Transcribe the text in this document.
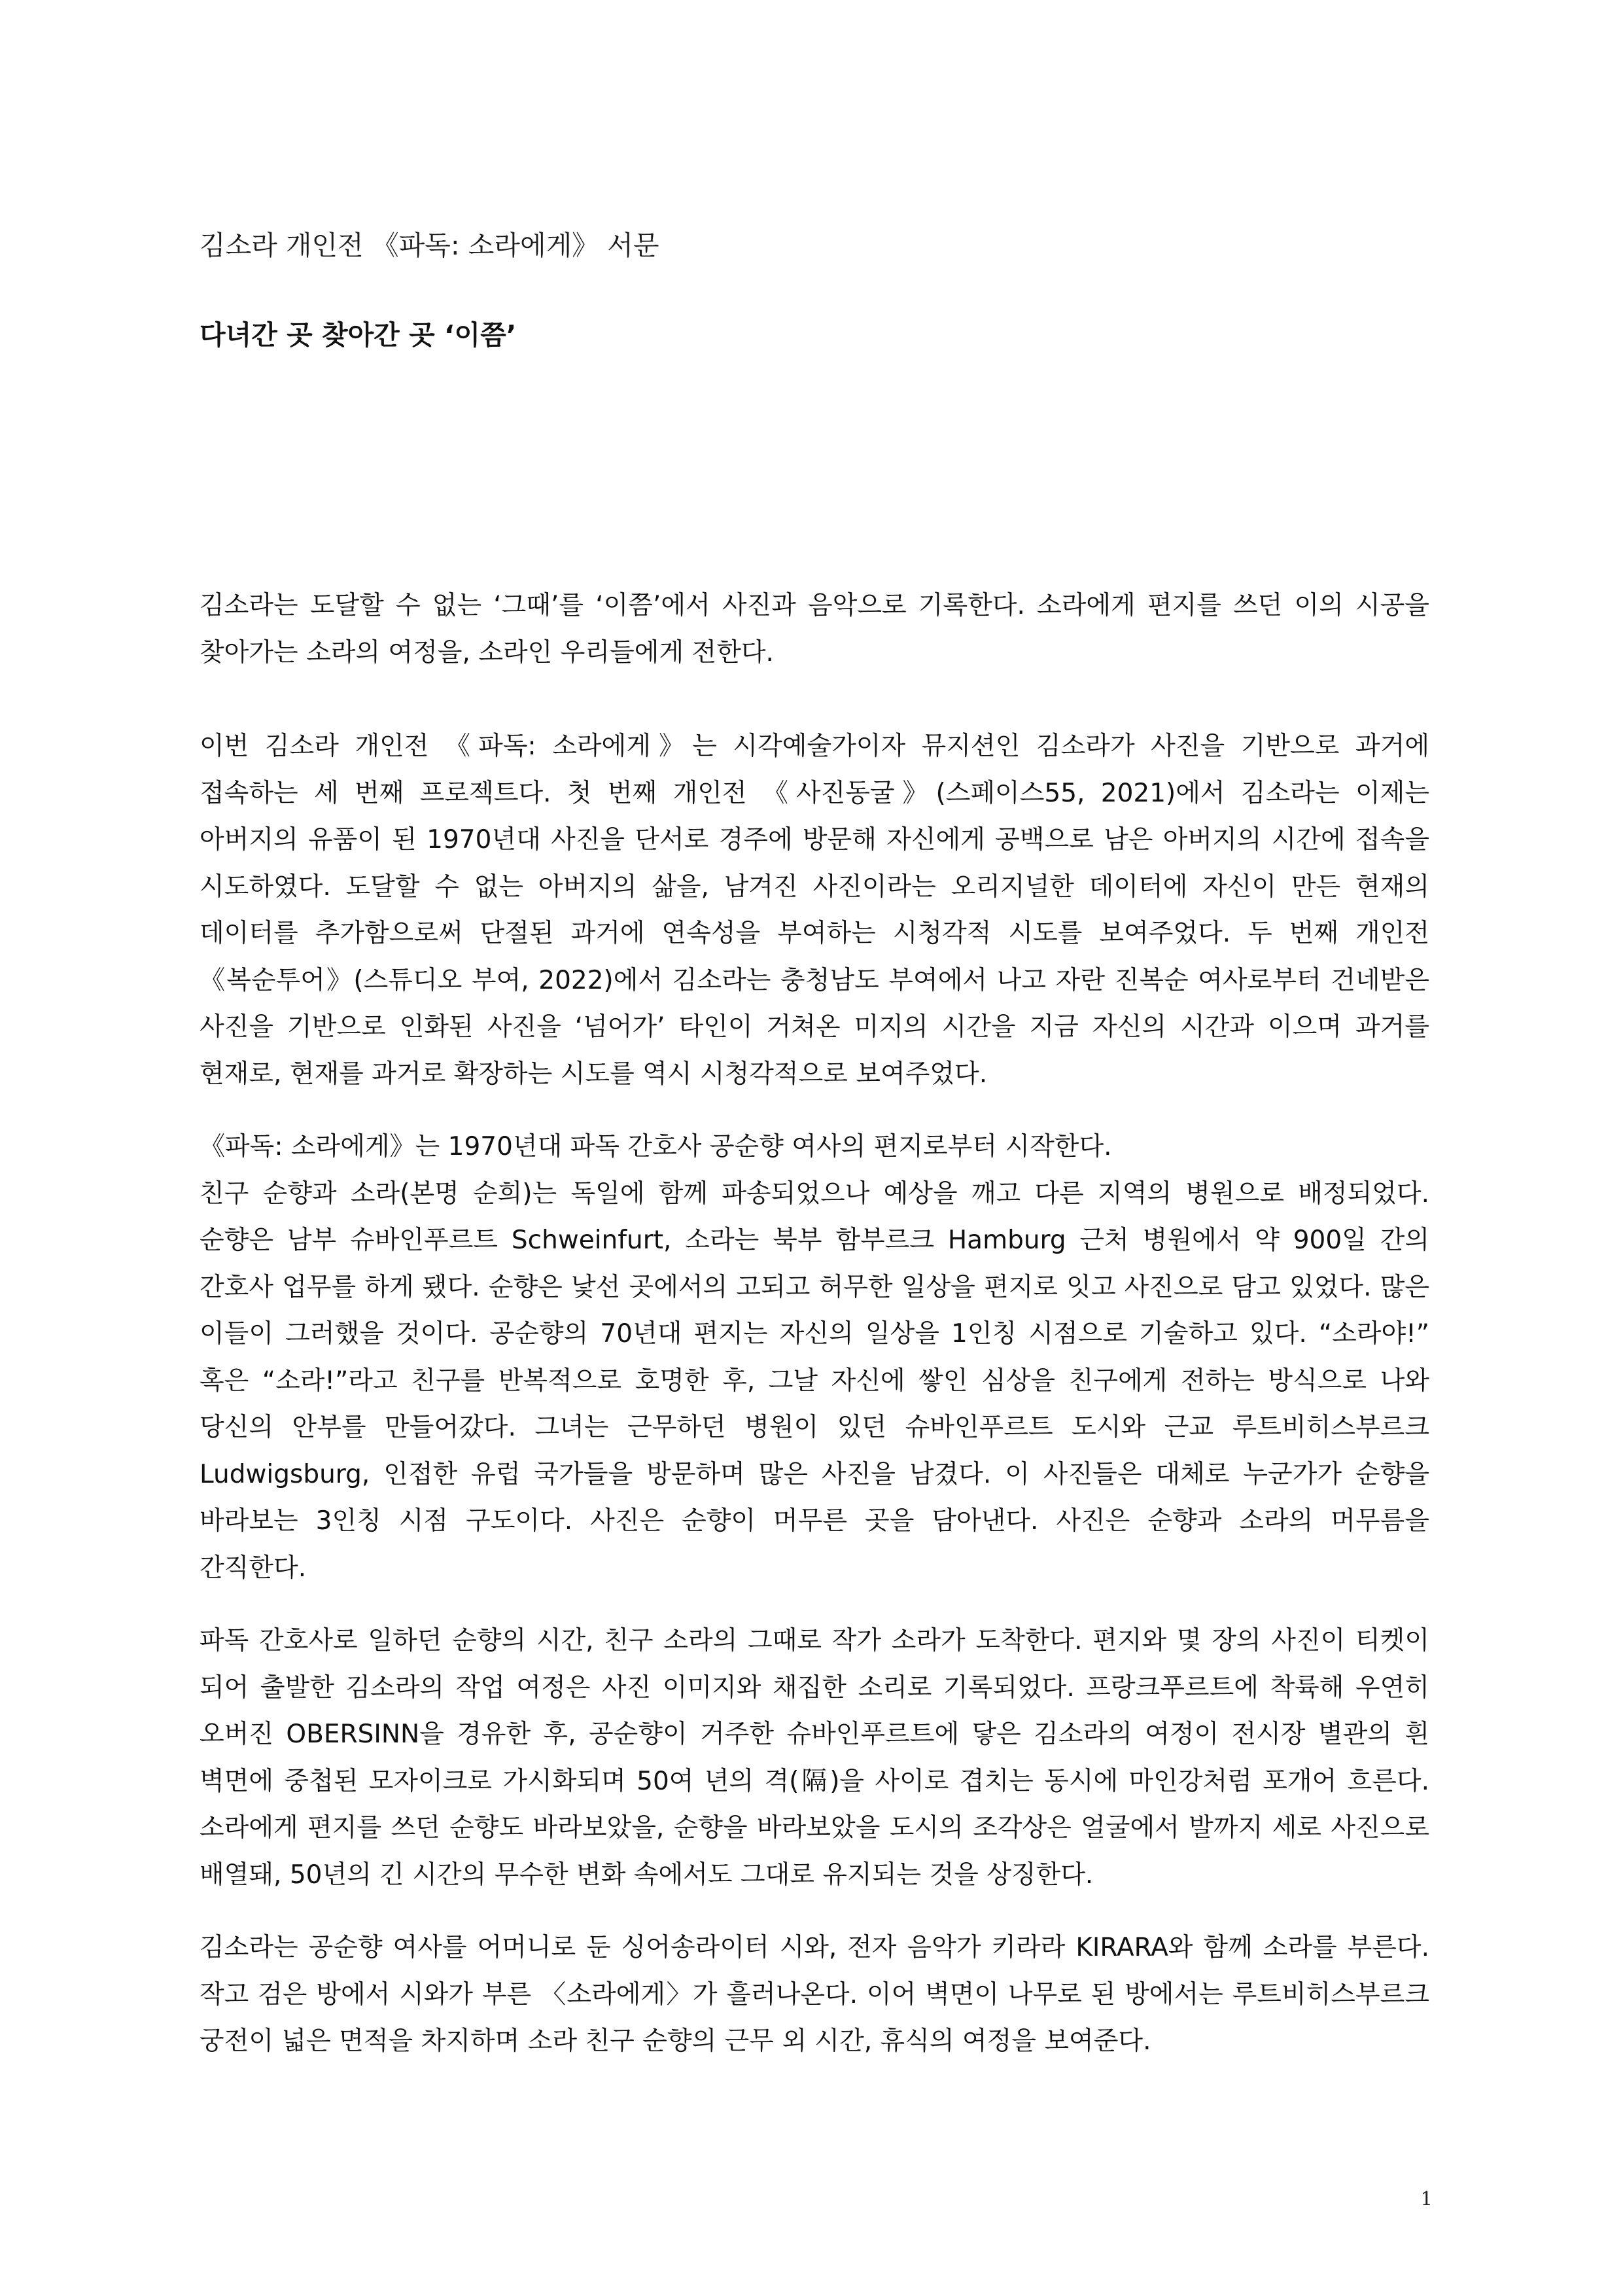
김소라 개인전 《파독: 소라에게》 서문
다녀간 곳 찾아간 곳 ‘이쯤’

김소라는 도달할 수 없는 ‘그때’를 ‘이쯤’에서 사진과 음악으로 기록한다. 소라에게 편지를 쓰던 이의 시공을 찾아가는 소라의 여정을, 소라인 우리들에게 전한다.

이번 김소라 개인전 《파독: 소라에게》는 시각예술가이자 뮤지션인 김소라가 사진을 기반으로 과거에 접속하는 세 번째 프로젝트다. 첫 번째 개인전 《사진동굴》(스페이스55, 2021)에서 김소라는 이제는 아버지의 유품이 된 1970년대 사진을 단서로 경주에 방문해 자신에게 공백으로 남은 아버지의 시간에 접속을 시도하였다. 도달할 수 없는 아버지의 삶을, 남겨진 사진이라는 오리지널한 데이터에 자신이 만든 현재의 데이터를 추가함으로써 단절된 과거에 연속성을 부여하는 시청각적 시도를 보여주었다. 두 번째 개인전 《복순투어》(스튜디오 부여, 2022)에서 김소라는 충청남도 부여에서 나고 자란 진복순 여사로부터 건네받은 사진을 기반으로 인화된 사진을 ‘넘어가’ 타인이 거쳐온 미지의 시간을 지금 자신의 시간과 이으며 과거를 현재로, 현재를 과거로 확장하는 시도를 역시 시청각적으로 보여주었다.

《파독: 소라에게》는 1970년대 파독 간호사 공순향 여사의 편지로부터 시작한다.

친구 순향과 소라(본명 순희)는 독일에 함께 파송되었으나 예상을 깨고 다른 지역의 병원으로 배정되었다. 순향은 남부 슈바인푸르트 Schweinfurt, 소라는 북부 함부르크 Hamburg 근처 병원에서 약 900일 간의 간호사 업무를 하게 됐다. 순향은 낯선 곳에서의 고되고 허무한 일상을 편지로 잇고 사진으로 담고 있었다. 많은 이들이 그러했을 것이다. 공순향의 70년대 편지는 자신의 일상을 1인칭 시점으로 기술하고 있다. “소라야!” 혹은 “소라!”라고 친구를 반복적으로 호명한 후, 그날 자신에 쌓인 심상을 친구에게 전하는 방식으로 나와 당신의 안부를 만들어갔다. 그녀는 근무하던 병원이 있던 슈바인푸르트 도시와 근교 루트비히스부르크 Ludwigsburg, 인접한 유럽 국가들을 방문하며 많은 사진을 남겼다. 이 사진들은 대체로 누군가가 순향을 바라보는 3인칭 시점 구도이다. 사진은 순향이 머무른 곳을 담아낸다. 사진은 순향과 소라의 머무름을 간직한다.

파독 간호사로 일하던 순향의 시간, 친구 소라의 그때로 작가 소라가 도착한다. 편지와 몇 장의 사진이 티켓이 되어 출발한 김소라의 작업 여정은 사진 이미지와 채집한 소리로 기록되었다. 프랑크푸르트에 착륙해 우연히 오버진 OBERSINN을 경유한 후, 공순향이 거주한 슈바인푸르트에 닿은 김소라의 여정이 전시장 별관의 흰 벽면에 중첩된 모자이크로 가시화되며 50여 년의 격(隔)을 사이로 겹치는 동시에 마인강처럼 포개어 흐른다. 소라에게 편지를 쓰던 순향도 바라보았을, 순향을 바라보았을 도시의 조각상은 얼굴에서 발까지 세로 사진으로 배열돼, 50년의 긴 시간의 무수한 변화 속에서도 그대로 유지되는 것을 상징한다.

김소라는 공순향 여사를 어머니로 둔 싱어송라이터 시와, 전자 음악가 키라라 KIRARA와 함께 소라를 부른다. 작고 검은 방에서 시와가 부른 〈소라에게〉가 흘러나온다. 이어 벽면이 나무로 된 방에서는 루트비히스부르크 궁전이 넓은 면적을 차지하며 소라 친구 순향의 근무 외 시간, 휴식의 여정을 보여준다.

1
